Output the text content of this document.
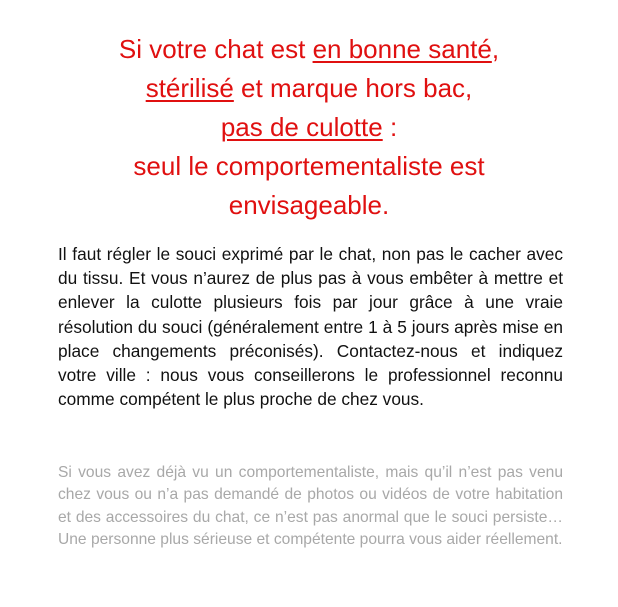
Si votre chat est en bonne santé,
stérilisé et marque hors bac,
pas de culotte :
seul le comportementaliste est
envisageable.

Il faut régler le souci exprimé par le chat, non pas le cacher avec du tissu. Et vous n’aurez de plus pas à vous embêter à mettre et enlever la culotte plusieurs fois par jour grâce à une vraie résolution du souci (généralement entre 1 à 5 jours après mise en place changements préconisés). Contactez-nous et indiquez votre ville : nous vous conseillerons le professionnel reconnu comme compétent le plus proche de chez vous.

Si vous avez déjà vu un comportementaliste, mais qu’il n’est pas venu chez vous ou n’a pas demandé de photos ou vidéos de votre habitation et des accessoires du chat, ce n’est pas anormal que le souci persiste… Une personne plus sérieuse et compétente pourra vous aider réellement.
